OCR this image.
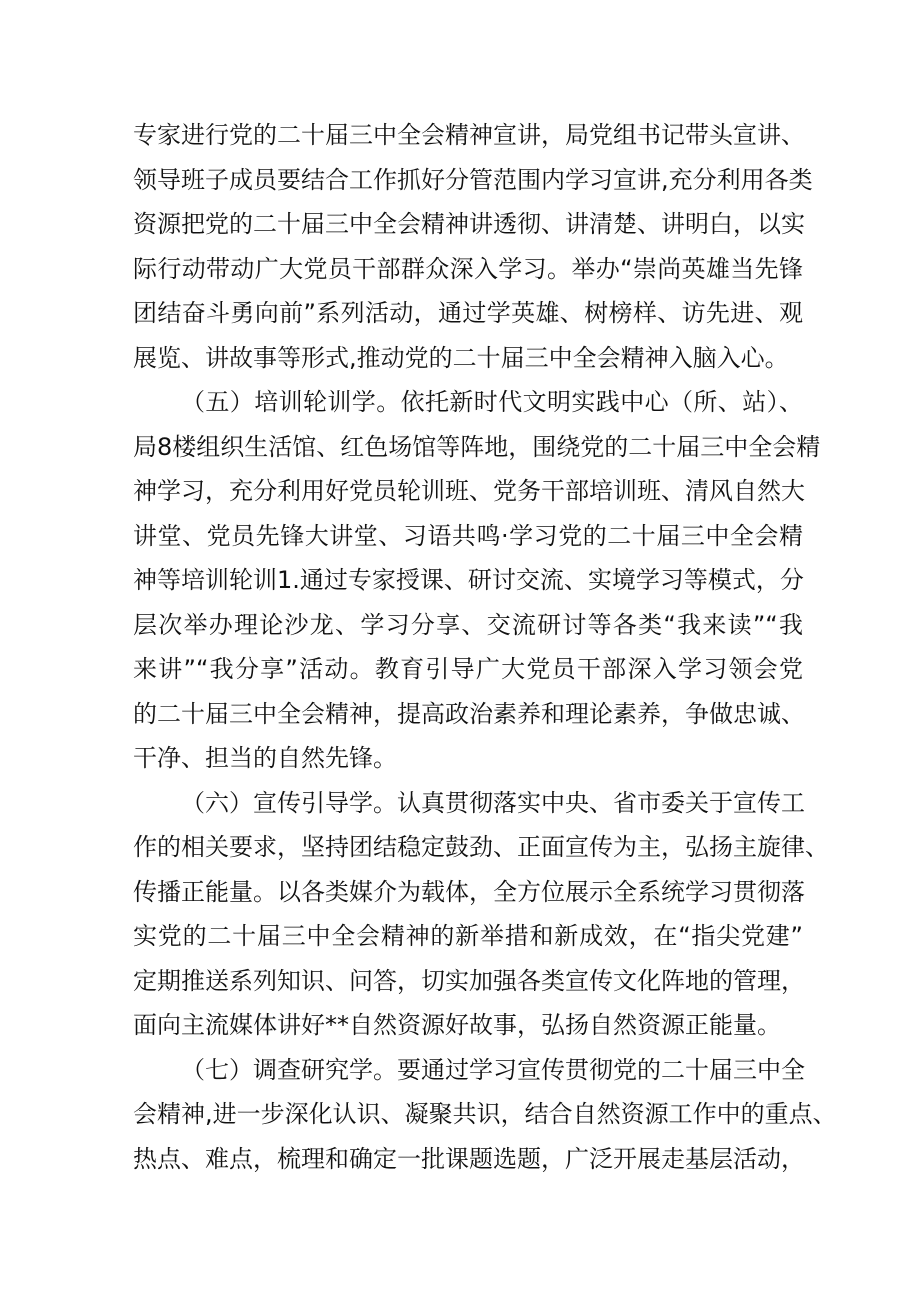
专家进行党的二十届三中全会精神宣讲，局党组书记带头宣讲、
领导班子成员要结合工作抓好分管范围内学习宣讲,充分利用各类
资源把党的二十届三中全会精神讲透彻、讲清楚、讲明白，以实
际行动带动广大党员干部群众深入学习。举办“崇尚英雄当先锋
团结奋斗勇向前”系列活动，通过学英雄、树榜样、访先进、观
展览、讲故事等形式,推动党的二十届三中全会精神入脑入心。
（五）培训轮训学。依托新时代文明实践中心（所、站）、
局8楼组织生活馆、红色场馆等阵地，围绕党的二十届三中全会精
神学习，充分利用好党员轮训班、党务干部培训班、清风自然大
讲堂、党员先锋大讲堂、习语共鸣·学习党的二十届三中全会精
神等培训轮训1.通过专家授课、研讨交流、实境学习等模式，分
层次举办理论沙龙、学习分享、交流研讨等各类“我来读”“我
来讲”“我分享”活动。教育引导广大党员干部深入学习领会党
的二十届三中全会精神，提高政治素养和理论素养，争做忠诚、
干净、担当的自然先锋。
（六）宣传引导学。认真贯彻落实中央、省市委关于宣传工
作的相关要求，坚持团结稳定鼓劲、正面宣传为主，弘扬主旋律、
传播正能量。以各类媒介为载体，全方位展示全系统学习贯彻落
实党的二十届三中全会精神的新举措和新成效，在“指尖党建”
定期推送系列知识、问答，切实加强各类宣传文化阵地的管理，
面向主流媒体讲好**自然资源好故事，弘扬自然资源正能量。
（七）调查研究学。要通过学习宣传贯彻党的二十届三中全
会精神,进一步深化认识、凝聚共识，结合自然资源工作中的重点、
热点、难点，梳理和确定一批课题选题，广泛开展走基层活动，
